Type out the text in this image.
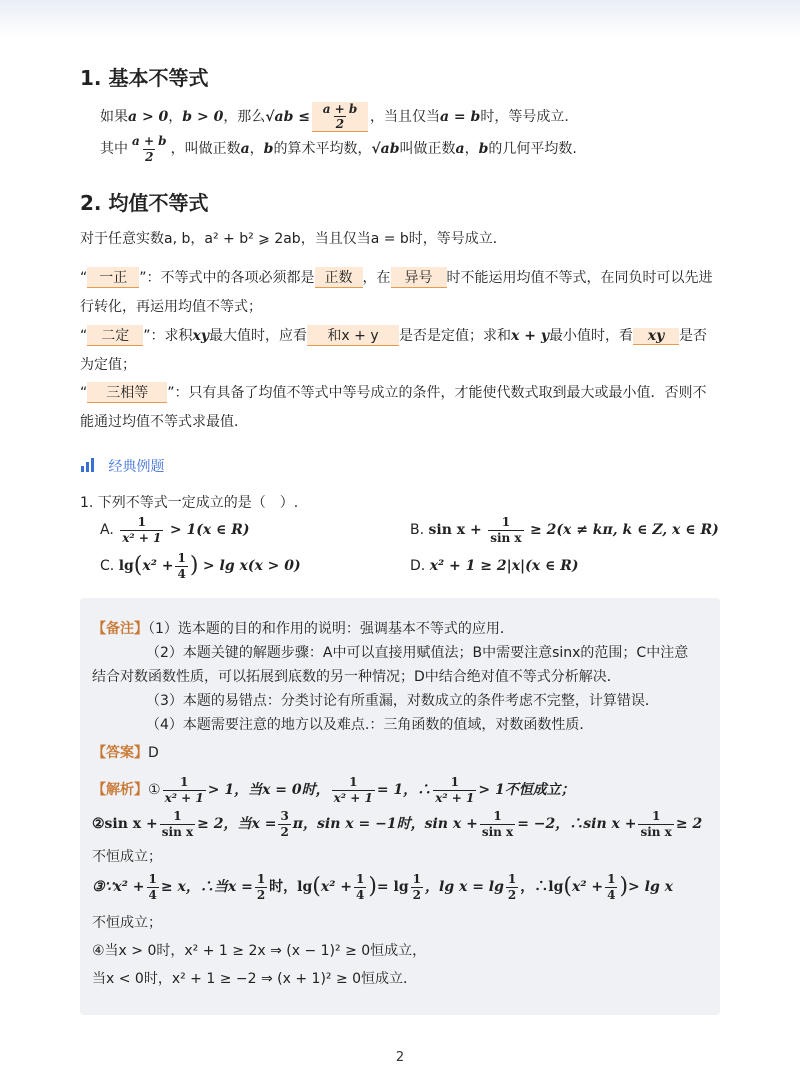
1. 基本不等式
如果a > 0，b > 0，那么$√ab \le \frac{a + b}{2}$ ，当且仅当a = b时，等号成立.
其中 $\frac{a + b}{2}$ ，叫做正数a，b的算术平均数，√ab叫做正数a，b的几何平均数.
2. 均值不等式
对于任意实数a, b，a² + b² ⩾ 2ab，当且仅当a = b时，等号成立．
“ 一正 ”：不等式中的各项必须都是 正数 ，在 异号 时不能运用均值不等式，在同负时可以先进
行转化，再运用均值不等式；
“ 二定 ”：求积xy最大值时，应看 和x + y 是否是定值；求和x + y最小值时，看 xy 是否
为定值；
“ 三相等 ”：只有具备了均值不等式中等号成立的条件，才能使代数式取到最大或最小值．否则不
能通过均值不等式求最值．
经典例题
1. 下列不等式一定成立的是（　）.
A. $\frac{1}{\text{x² + 1}} > 1(x$ ∈ R)	B. $\sin x + \frac{1}{\text{sin x}} \ge 2(x \ne k\pi$, k ∈ Z, x ∈ R)
C. $\lg(x^2 + \frac{1}{4}$ ) > lg x(x > 0)	D. x² + 1 ≥ 2|x|(x ∈ R)
【备注】（1）选本题的目的和作用的说明：强调基本不等式的应用．
（2）本题关键的解题步骤：A中可以直接用赋值法；B中需要注意sinx的范围；C中注意
结合对数函数性质，可以拓展到底数的另一种情况；D中结合绝对值不等式分析解决．
（3）本题的易错点：分类讨论有所重漏，对数成立的条件考虑不完整，计算错误．
（4）本题需要注意的地方以及难点.：三角函数的值域，对数函数性质．
【答案】D
【解析】① $\frac{1}{\text{x² + 1}} > 1$，当x = 0时， $\frac{1}{\text{x² + 1}} = 1$，∴ $\frac{1}{\text{x² + 1}} > 1$不恒成立；
②sin $x + \frac{1}{\text{sin x}} \ge 2$，当$x = \frac{3}{2}$ π，sin x = −1时，$\sin x + \frac{1}{\text{sin x}} = -2$，∴sin $x + \frac{1}{\text{sin x}} \ge 2$
不恒成立；
③∵x² + $\frac{1}{4} \ge x$，∴当$x = \frac{1}{2}$ 时，$\lg(x^2 + \frac{1}{4}$ )= $\lg \frac{1}{2}$ ，$\lg x = \lg \frac{1}{2}$ ，∴lg(x² + $\frac{1}{4}$ )> lg x
不恒成立；
④当x > 0时，x² + 1 ≥ 2x ⇒ (x − 1)² ≥ 0恒成立，
当x < 0时，x² + 1 ≥ −2 ⇒ (x + 1)² ≥ 0恒成立．
2
